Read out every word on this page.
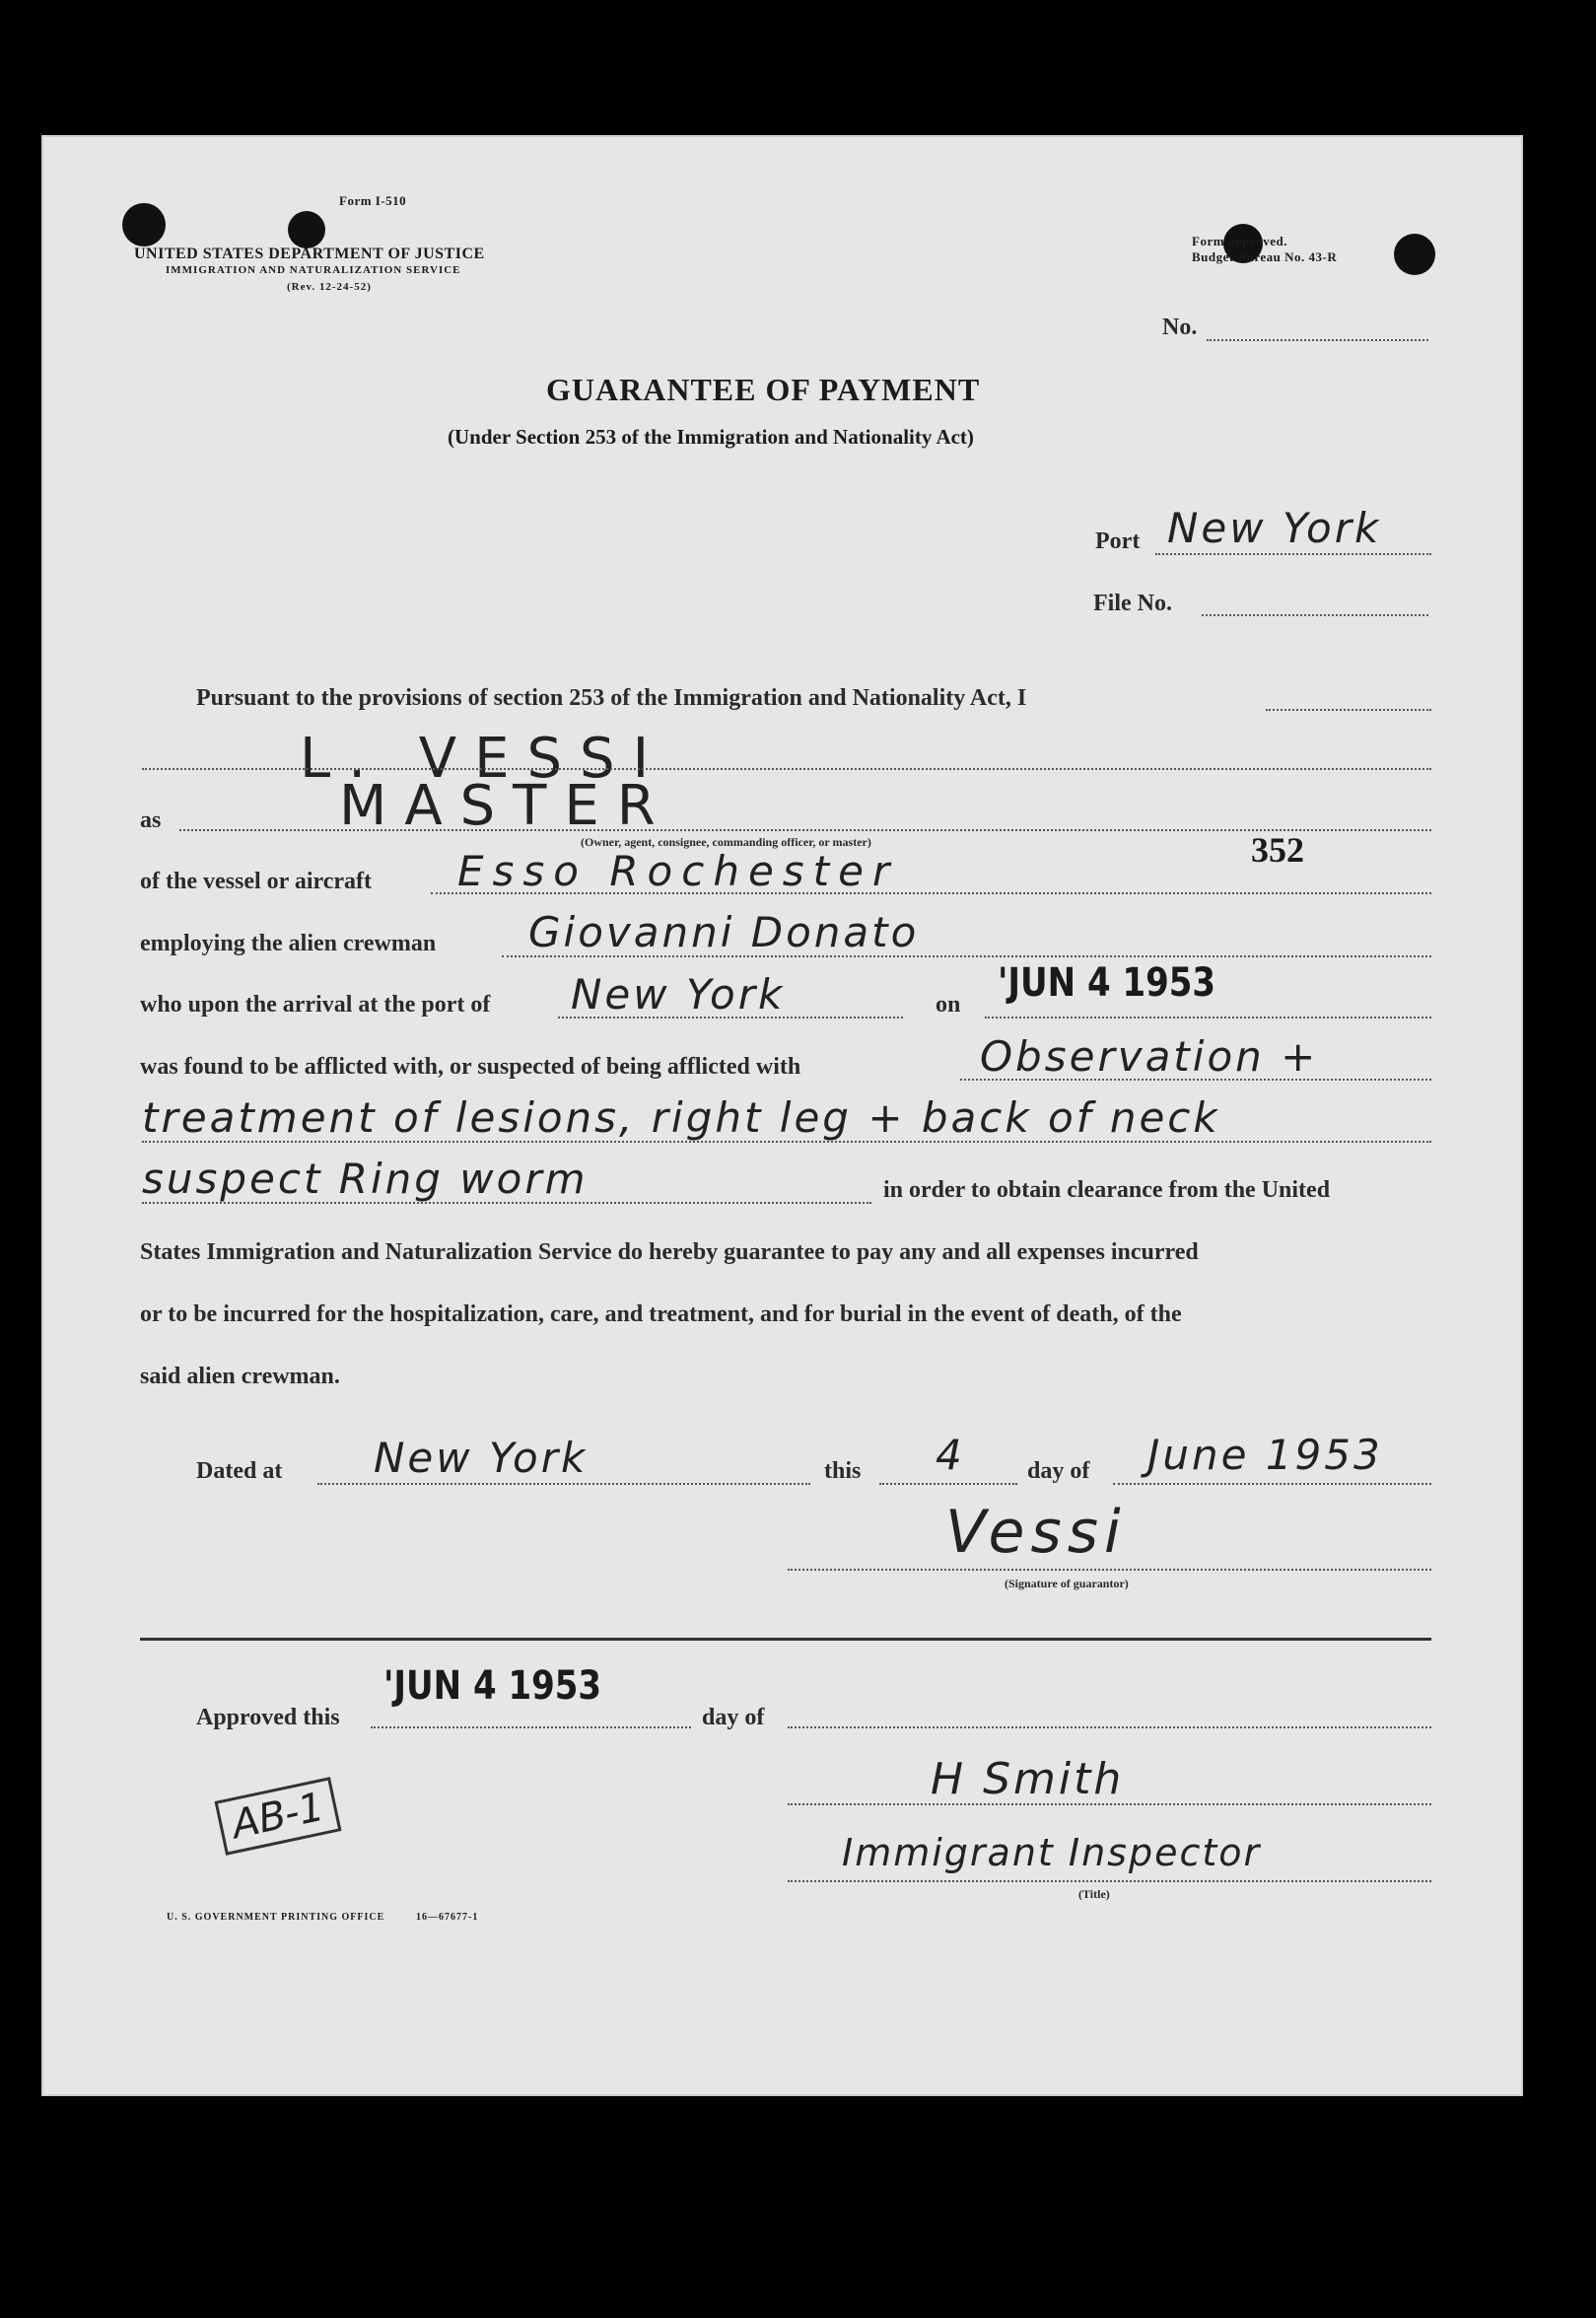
Form I-510
UNITED STATES DEPARTMENT OF JUSTICE
IMMIGRATION AND NATURALIZATION SERVICE
(Rev. 12-24-52)
Form approved.
Budget Bureau No. 43-R
No.
GUARANTEE OF PAYMENT
(Under Section 253 of the Immigration and Nationality Act)
Port New York
File No.
Pursuant to the provisions of section 253 of the Immigration and Nationality Act, I
L. VESSI
as	MASTER
(Owner, agent, consignee, commanding officer, or master)	352
of the vessel or aircraft Esso Rochester
employing the alien crewman Giovanni Donato
who upon the arrival at the port of New York	on 'JUN 4 1953
was found to be afflicted with, or suspected of being afflicted with	Observation +
treatment of lesions, right leg + back of neck
suspect Ring worm	in order to obtain clearance from the United
States Immigration and Naturalization Service do hereby guarantee to pay any and all expenses incurred
or to be incurred for the hospitalization, care, and treatment, and for burial in the event of death, of the
said alien crewman.
Dated at New York	this 4	day of June 1953
Vessi
(Signature of guarantor)
Approved this
'JUN 4 1953
day of
AB-1
H Smith
Immigrant Inspector
(Title)
U. S. GOVERNMENT PRINTING OFFICE	16—67677-1
